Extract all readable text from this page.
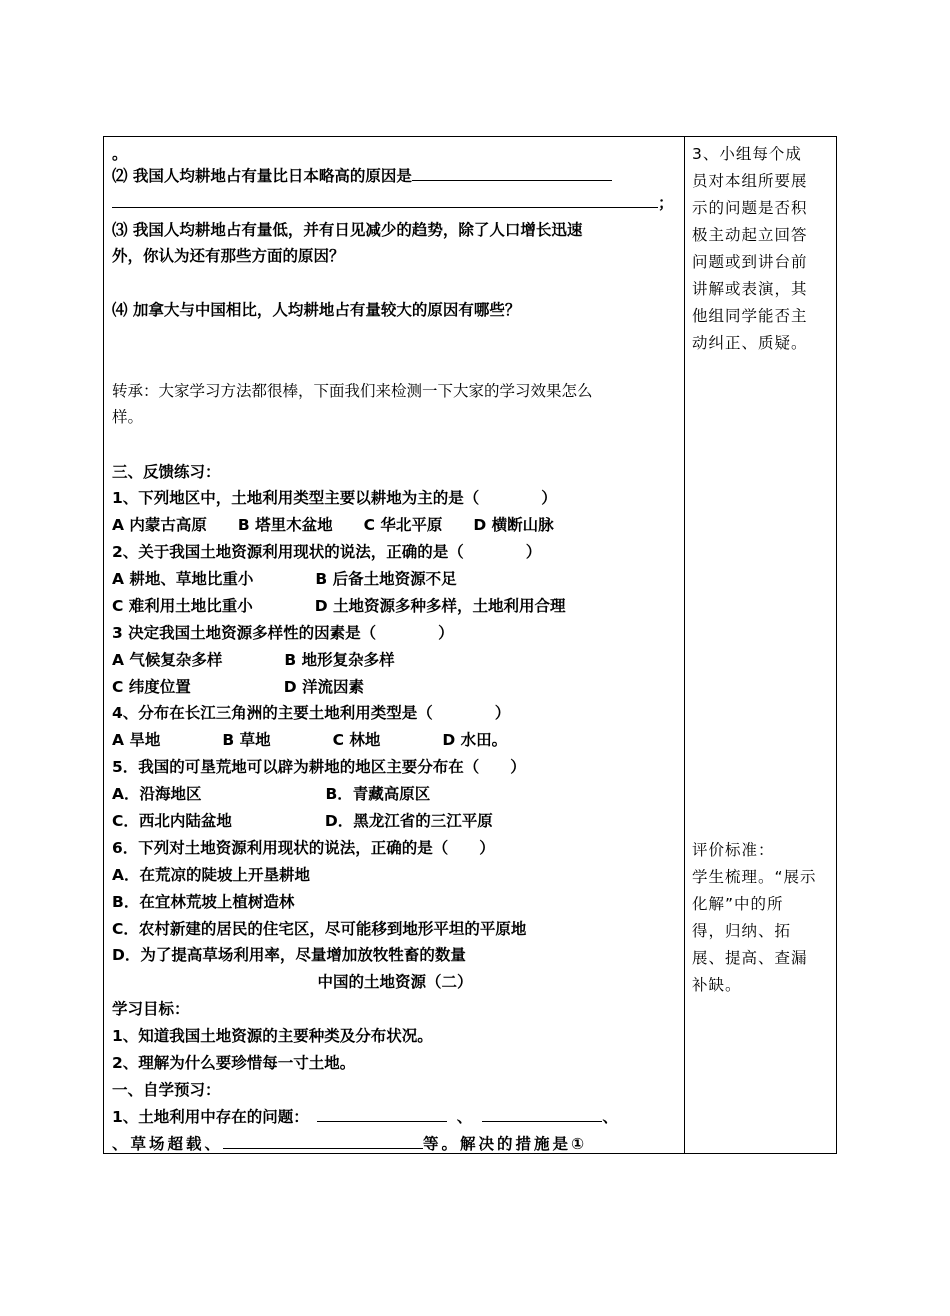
。
⑵ 我国人均耕地占有量比日本略高的原因是
；
⑶ 我国人均耕地占有量低，并有日见减少的趋势，除了人口增长迅速
外，你认为还有那些方面的原因？
⑷ 加拿大与中国相比，人均耕地占有量较大的原因有哪些？
转承：大家学习方法都很棒，下面我们来检测一下大家的学习效果怎么
样。
三、反馈练习：
1、下列地区中，土地利用类型主要以耕地为主的是（　　　　）
A 内蒙古高原　　B 塔里木盆地　　C 华北平原　　D 横断山脉
2、关于我国土地资源利用现状的说法，正确的是（　　　　）
A 耕地、草地比重小　　　　B 后备土地资源不足
C 难利用土地比重小　　　　D 土地资源多种多样，土地利用合理
3 决定我国土地资源多样性的因素是（　　　　）
A 气候复杂多样　　　　B 地形复杂多样
C 纬度位置　　　　　　D 洋流因素
4、分布在长江三角洲的主要土地利用类型是（　　　　）
A 旱地　　　　B 草地　　　　C 林地　　　　D 水田。
5．我国的可垦荒地可以辟为耕地的地区主要分布在（　　）
A．沿海地区　　　　　　　　B．青藏高原区
C．西北内陆盆地　　　　　　D．黑龙江省的三江平原
6．下列对土地资源利用现状的说法，正确的是（　　）
A．在荒凉的陡坡上开垦耕地
B．在宜林荒坡上植树造林
C．农村新建的居民的住宅区，尽可能移到地形平坦的平原地
D．为了提高草场利用率，尽量增加放牧牲畜的数量
中国的土地资源（二）
学习目标：
1、知道我国土地资源的主要种类及分布状况。
2、理解为什么要珍惜每一寸土地。
一、自学预习：
1、土地利用中存在的问题：	、	、
、草场超载、	等。解决的措施是①
3、小组每个成
员对本组所要展
示的问题是否积
极主动起立回答
问题或到讲台前
讲解或表演，其
他组同学能否主
动纠正、质疑。
评价标准：
学生梳理。“展示
化解”中的所
得，归纳、拓
展、提高、查漏
补缺。
